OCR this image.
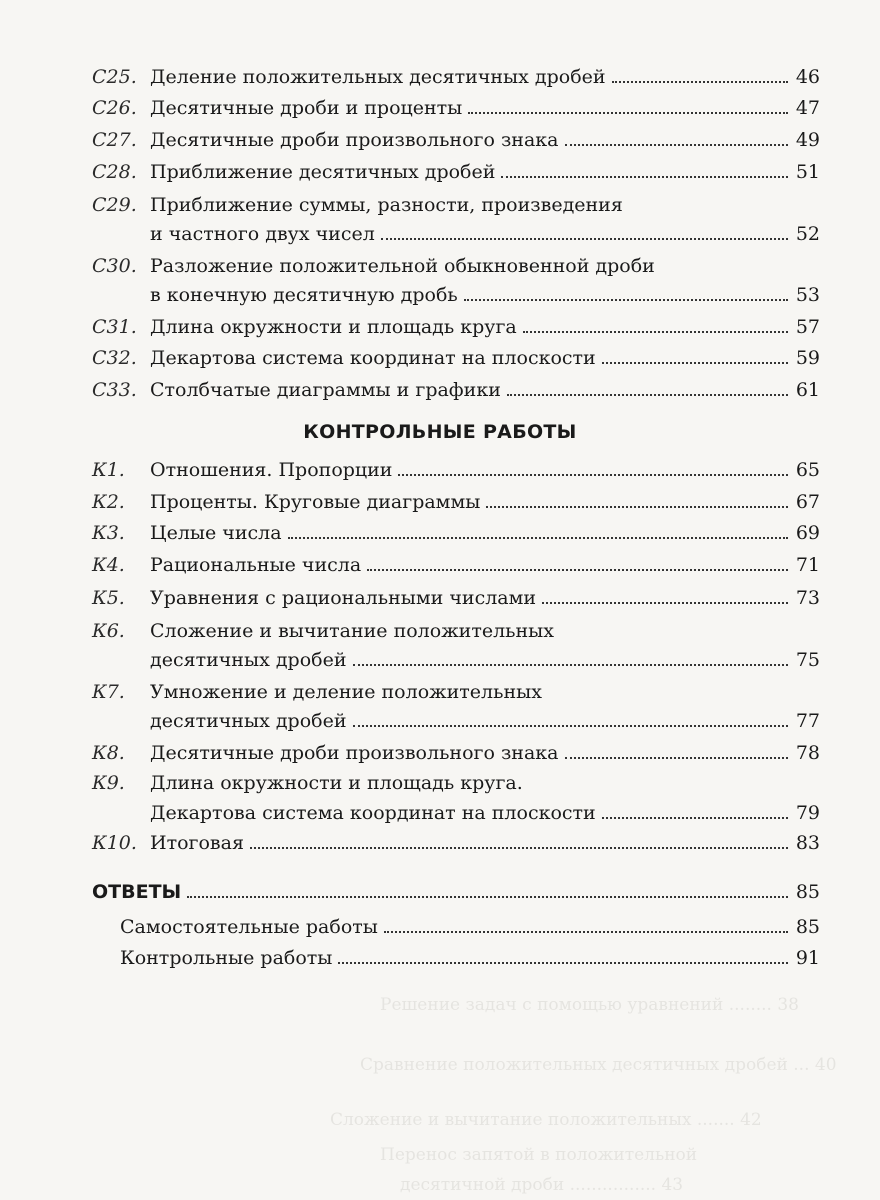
Решение задач с помощью уравнений ........ 38
Сравнение положительных десятичных дробей ... 40
Сложение и вычитание положительных ....... 42
Перенос запятой в положительной
десятичной дроби ................ 43
С25. Деление положительных десятичных дробей	46
С26. Десятичные дроби и проценты	47
С27. Десятичные дроби произвольного знака	49
С28. Приближение десятичных дробей	51
С29. Приближение суммы, разности, произведения
и частного двух чисел	52
С30. Разложение положительной обыкновенной дроби
в конечную десятичную дробь	53
С31. Длина окружности и площадь круга	57
С32. Декартова система координат на плоскости	59
С33. Столбчатые диаграммы и графики	61
КОНТРОЛЬНЫЕ РАБОТЫ
К1. Отношения. Пропорции	65
К2. Проценты. Круговые диаграммы	67
К3. Целые числа	69
К4. Рациональные числа	71
К5. Уравнения с рациональными числами	73
К6. Сложение и вычитание положительных
десятичных дробей	75
К7. Умножение и деление положительных
десятичных дробей	77
К8. Десятичные дроби произвольного знака	78
К9. Длина окружности и площадь круга.
Декартова система координат на плоскости	79
К10. Итоговая	83
ОТВЕТЫ	85
Самостоятельные работы	85
Контрольные работы	91
